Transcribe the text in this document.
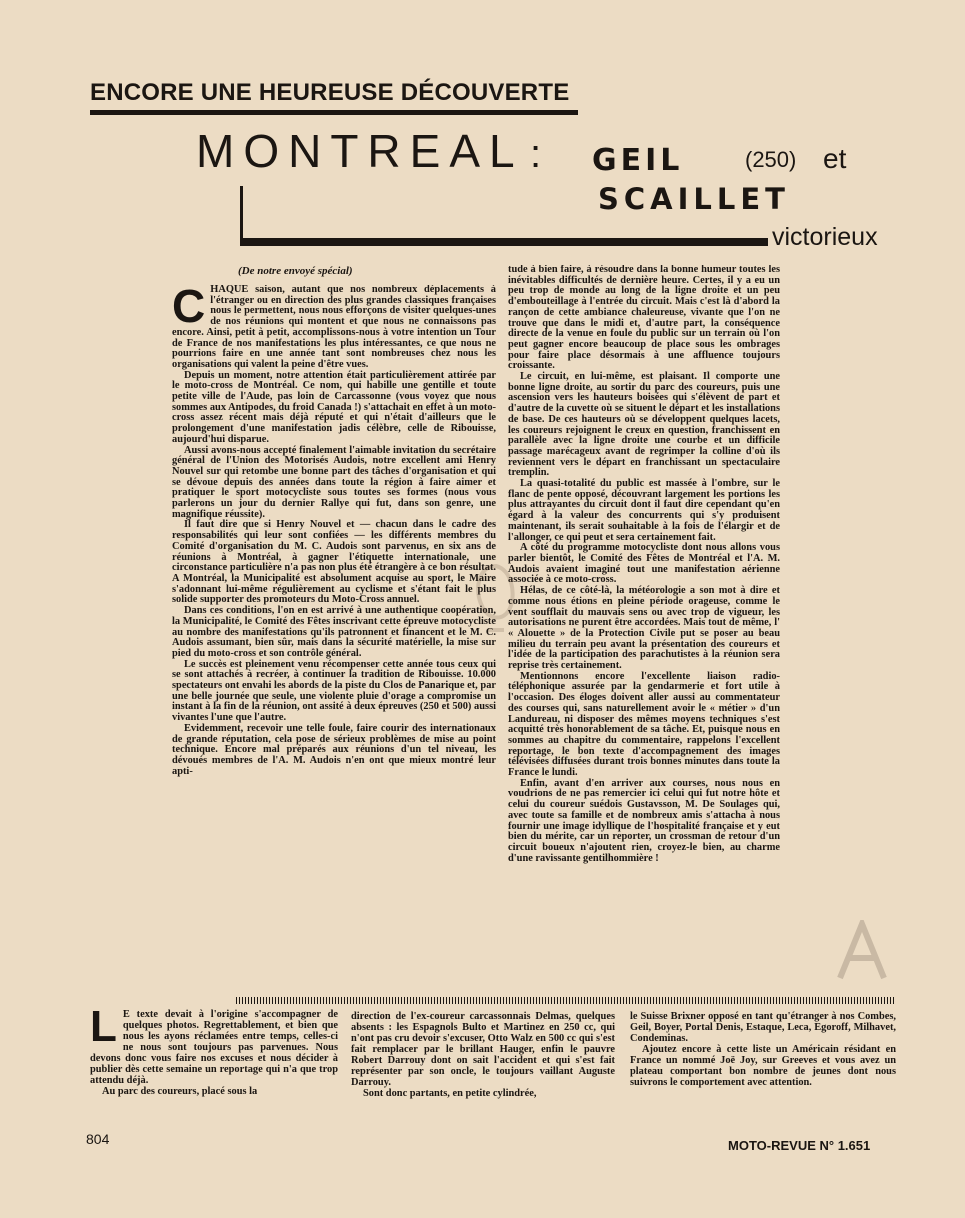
ENCORE UNE HEUREUSE DÉCOUVERTE
MONTREAL : GEIL	(250) et
SCAILLET
victorieux
(De notre envoyé spécial)
C HAQUE saison, autant que nos nombreux déplacements à l'étranger ou en direction des plus grandes classiques françaises nous le permettent, nous nous efforçons de visiter quelques-unes de nos réunions qui montent et que nous ne connaissons pas encore. Ainsi, petit à petit, accomplissons-nous à votre intention un Tour de France de nos manifestations les plus intéressantes, ce que nous ne pourrions faire en une année tant sont nombreuses chez nous les organisations qui valent la peine d'être vues.

Depuis un moment, notre attention était particulièrement attirée par le moto-cross de Montréal. Ce nom, qui habille une gentille et toute petite ville de l'Aude, pas loin de Carcassonne (vous voyez que nous sommes aux Antipodes, du froid Canada !) s'attachait en effet à un moto-cross assez récent mais déjà réputé et qui n'était d'ailleurs que le prolongement d'une manifestation jadis célèbre, celle de Ribouisse, aujourd'hui disparue.

Aussi avons-nous accepté finalement l'aimable invitation du secrétaire général de l'Union des Motorisés Audois, notre excellent ami Henry Nouvel sur qui retombe une bonne part des tâches d'organisation et qui se dévoue depuis des années dans toute la région à faire aimer et pratiquer le sport motocycliste sous toutes ses formes (nous vous parlerons un jour du dernier Rallye qui fut, dans son genre, une magnifique réussite).

Il faut dire que si Henry Nouvel et — chacun dans le cadre des responsabilités qui leur sont confiées — les différents membres du Comité d'organisation du M. C. Audois sont parvenus, en six ans de réunions à Montréal, à gagner l'étiquette internationale, une circonstance particulière n'a pas non plus été étrangère à ce bon résultat. A Montréal, la Municipalité est absolument acquise au sport, le Maire s'adonnant lui-même régulièrement au cyclisme et s'étant fait le plus solide supporter des promoteurs du Moto-Cross annuel.

Dans ces conditions, l'on en est arrivé à une authentique coopération, la Municipalité, le Comité des Fêtes inscrivant cette épreuve motocycliste au nombre des manifestations qu'ils patronnent et financent et le M. C. Audois assumant, bien sûr, mais dans la sécurité matérielle, la mise sur pied du moto-cross et son contrôle général.

Le succès est pleinement venu récompenser cette année tous ceux qui se sont attachés à recréer, à continuer la tradition de Ribouisse. 10.000 spectateurs ont envahi les abords de la piste du Clos de Panarique et, par une belle journée que seule, une violente pluie d'orage a compromise un instant à la fin de la réunion, ont assité à deux épreuves (250 et 500) aussi vivantes l'une que l'autre.

Evidemment, recevoir une telle foule, faire courir des internationaux de grande réputation, cela pose de sérieux problèmes de mise au point technique. Encore mal préparés aux réunions d'un tel niveau, les dévoués membres de l'A. M. Audois n'en ont que mieux montré leur apti-

tude à bien faire, à résoudre dans la bonne humeur toutes les inévitables difficultés de dernière heure. Certes, il y a eu un peu trop de monde au long de la ligne droite et un peu d'embouteillage à l'entrée du circuit. Mais c'est là d'abord la rançon de cette ambiance chaleureuse, vivante que l'on ne trouve que dans le midi et, d'autre part, la conséquence directe de la venue en foule du public sur un terrain où l'on peut gagner encore beaucoup de place sous les ombrages pour faire place désormais à une affluence toujours croissante.

Le circuit, en lui-même, est plaisant. Il comporte une bonne ligne droite, au sortir du parc des coureurs, puis une ascension vers les hauteurs boisées qui s'élèvent de part et d'autre de la cuvette où se situent le départ et les installations de base. De ces hauteurs où se développent quelques lacets, les coureurs rejoignent le creux en question, franchissent en parallèle avec la ligne droite une courbe et un difficile passage marécageux avant de regrimper la colline d'où ils reviennent vers le départ en franchissant un spectaculaire tremplin.

La quasi-totalité du public est massée à l'ombre, sur le flanc de pente opposé, découvrant largement les portions les plus attrayantes du circuit dont il faut dire cependant qu'en égard à la valeur des concurrents qui s'y produisent maintenant, ils serait souhaitable à la fois de l'élargir et de l'allonger, ce qui peut et sera certainement fait.

A côté du programme motocycliste dont nous allons vous parler bientôt, le Comité des Fêtes de Montréal et l'A. M. Audois avaient imaginé tout une manifestation aérienne associée à ce moto-cross.

Hélas, de ce côté-là, la météorologie a son mot à dire et comme nous étions en pleine période orageuse, comme le vent soufflait du mauvais sens ou avec trop de vigueur, les autorisations ne purent être accordées. Mais tout de même, l' « Alouette » de la Protection Civile put se poser au beau milieu du terrain peu avant la présentation des coureurs et l'idée de la participation des parachutistes à la réunion sera reprise très certainement.

Mentionnons encore l'excellente liaison radio-téléphonique assurée par la gendarmerie et fort utile à l'occasion. Des éloges doivent aller aussi au commentateur des courses qui, sans naturellement avoir le « métier » d'un Landureau, ni disposer des mêmes moyens techniques s'est acquitté très honorablement de sa tâche. Et, puisque nous en sommes au chapitre du commentaire, rappelons l'excellent reportage, le bon texte d'accompagnement des images télévisées diffusées durant trois bonnes minutes dans toute la France le lundi.

Enfin, avant d'en arriver aux courses, nous nous en voudrions de ne pas remercier ici celui qui fut notre hôte et celui du coureur suédois Gustavsson, M. De Soulages qui, avec toute sa famille et de nombreux amis s'attacha à nous fournir une image idyllique de l'hospitalité française et y eut bien du mérite, car un reporter, un crossman de retour d'un circuit boueux n'ajoutent rien, croyez-le bien, au charme d'une ravissante gentilhommière !

L E texte devait à l'origine s'accompagner de quelques photos. Regrettablement, et bien que nous les ayons réclamées entre temps, celles-ci ne nous sont toujours pas parvenues. Nous devons donc vous faire nos excuses et nous décider à publier dès cette semaine un reportage qui n'a que trop attendu déjà.

Au parc des coureurs, placé sous la

direction de l'ex-coureur carcassonnais Delmas, quelques absents : les Espagnols Bulto et Martinez en 250 cc, qui n'ont pas cru devoir s'excuser, Otto Walz en 500 cc qui s'est fait remplacer par le brillant Hauger, enfin le pauvre Robert Darrouy dont on sait l'accident et qui s'est fait représenter par son oncle, le toujours vaillant Auguste Darrouy.

Sont donc partants, en petite cylindrée,

le Suisse Brixner opposé en tant qu'étranger à nos Combes, Geil, Boyer, Portal Denis, Estaque, Leca, Egoroff, Milhavet, Condeminas.

Ajoutez encore à cette liste un Américain résidant en France un nommé Joë Joy, sur Greeves et vous avez un plateau comportant bon nombre de jeunes dont nous suivrons le comportement avec attention.

804	MOTO-REVUE N° 1.651
